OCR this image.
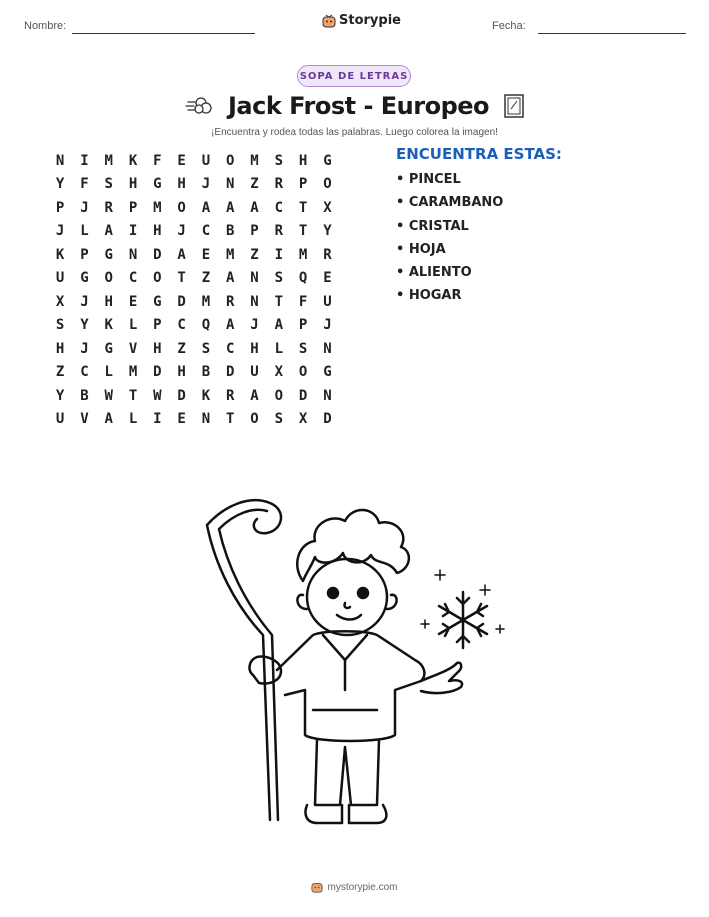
Nombre:	Storypie	Fecha:
SOPA DE LETRAS
Jack Frost - Europeo
¡Encuentra y rodea todas las palabras. Luego colorea la imagen!
N	I	M	K	F	E	U	O	M	S	H	G
Y	F	S	H	G	H	J	N	Z	R	P	O
P	J	R	P	M	O	A	A	A	C	T	X
J	L	A	I	H	J	C	B	P	R	T	Y
K	P	G	N	D	A	E	M	Z	I	M	R
U	G	O	C	O	T	Z	A	N	S	Q	E
X	J	H	E	G	D	M	R	N	T	F	U
S	Y	K	L	P	C	Q	A	J	A	P	J
H	J	G	V	H	Z	S	C	H	L	S	N
Z	C	L	M	D	H	B	D	U	X	O	G
Y	B	W	T	W	D	K	R	A	O	D	N
U	V	A	L	I	E	N	T	O	S	X	D
ENCUENTRA ESTAS:
• PINCEL
• CARAMBANO
• CRISTAL
• HOJA
• ALIENTO
• HOGAR
mystorypie.com
